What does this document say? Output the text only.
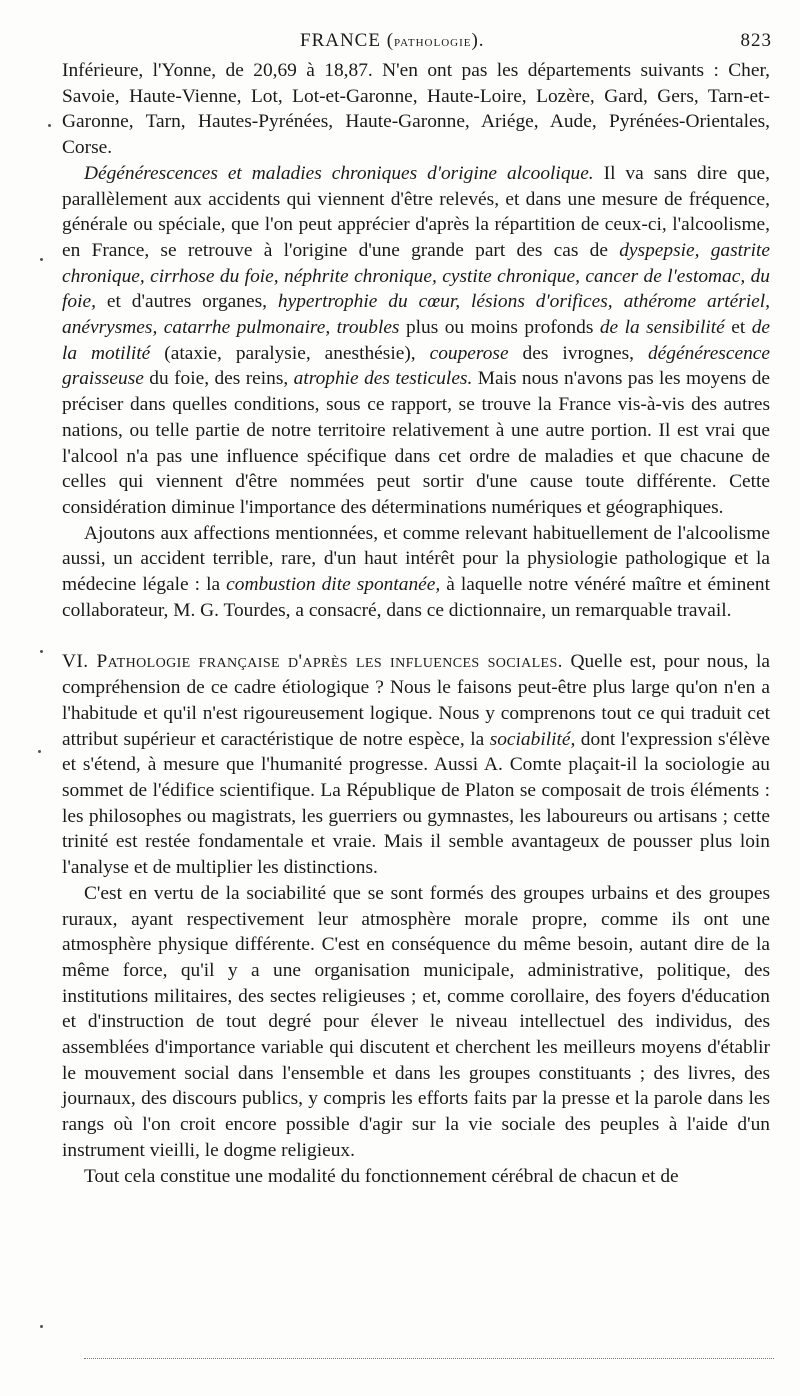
FRANCE (pathologie).	823

Inférieure, l'Yonne, de 20,69 à 18,87. N'en ont pas les départements suivants : Cher, Savoie, Haute-Vienne, Lot, Lot-et-Garonne, Haute-Loire, Lozère, Gard, Gers, Tarn-et-Garonne, Tarn, Hautes-Pyrénées, Haute-Garonne, Ariége, Aude, Pyrénées-Orientales, Corse.

Dégénérescences et maladies chroniques d'origine alcoolique. Il va sans dire que, parallèlement aux accidents qui viennent d'être relevés, et dans une mesure de fréquence, générale ou spéciale, que l'on peut apprécier d'après la répartition de ceux-ci, l'alcoolisme, en France, se retrouve à l'origine d'une grande part des cas de dyspepsie, gastrite chronique, cirrhose du foie, néphrite chronique, cystite chronique, cancer de l'estomac, du foie, et d'autres organes, hypertrophie du cœur, lésions d'orifices, athérome artériel, anévrysmes, catarrhe pulmonaire, troubles plus ou moins profonds de la sensibilité et de la motilité (ataxie, paralysie, anesthésie), couperose des ivrognes, dégénérescence graisseuse du foie, des reins, atrophie des testicules. Mais nous n'avons pas les moyens de préciser dans quelles conditions, sous ce rapport, se trouve la France vis-à-vis des autres nations, ou telle partie de notre territoire relativement à une autre portion. Il est vrai que l'alcool n'a pas une influence spécifique dans cet ordre de maladies et que chacune de celles qui viennent d'être nommées peut sortir d'une cause toute différente. Cette considération diminue l'importance des déterminations numériques et géographiques.

Ajoutons aux affections mentionnées, et comme relevant habituellement de l'alcoolisme aussi, un accident terrible, rare, d'un haut intérêt pour la physiologie pathologique et la médecine légale : la combustion dite spontanée, à laquelle notre vénéré maître et éminent collaborateur, M. G. Tourdes, a consacré, dans ce dictionnaire, un remarquable travail.

VI. Pathologie française d'après les influences sociales. Quelle est, pour nous, la compréhension de ce cadre étiologique ? Nous le faisons peut-être plus large qu'on n'en a l'habitude et qu'il n'est rigoureusement logique. Nous y comprenons tout ce qui traduit cet attribut supérieur et caractéristique de notre espèce, la sociabilité, dont l'expression s'élève et s'étend, à mesure que l'humanité progresse. Aussi A. Comte plaçait-il la sociologie au sommet de l'édifice scientifique. La République de Platon se composait de trois éléments : les philosophes ou magistrats, les guerriers ou gymnastes, les laboureurs ou artisans ; cette trinité est restée fondamentale et vraie. Mais il semble avantageux de pousser plus loin l'analyse et de multiplier les distinctions.

C'est en vertu de la sociabilité que se sont formés des groupes urbains et des groupes ruraux, ayant respectivement leur atmosphère morale propre, comme ils ont une atmosphère physique différente. C'est en conséquence du même besoin, autant dire de la même force, qu'il y a une organisation municipale, administrative, politique, des institutions militaires, des sectes religieuses ; et, comme corollaire, des foyers d'éducation et d'instruction de tout degré pour élever le niveau intellectuel des individus, des assemblées d'importance variable qui discutent et cherchent les meilleurs moyens d'établir le mouvement social dans l'ensemble et dans les groupes constituants ; des livres, des journaux, des discours publics, y compris les efforts faits par la presse et la parole dans les rangs où l'on croit encore possible d'agir sur la vie sociale des peuples à l'aide d'un instrument vieilli, le dogme religieux.

Tout cela constitue une modalité du fonctionnement cérébral de chacun et de
